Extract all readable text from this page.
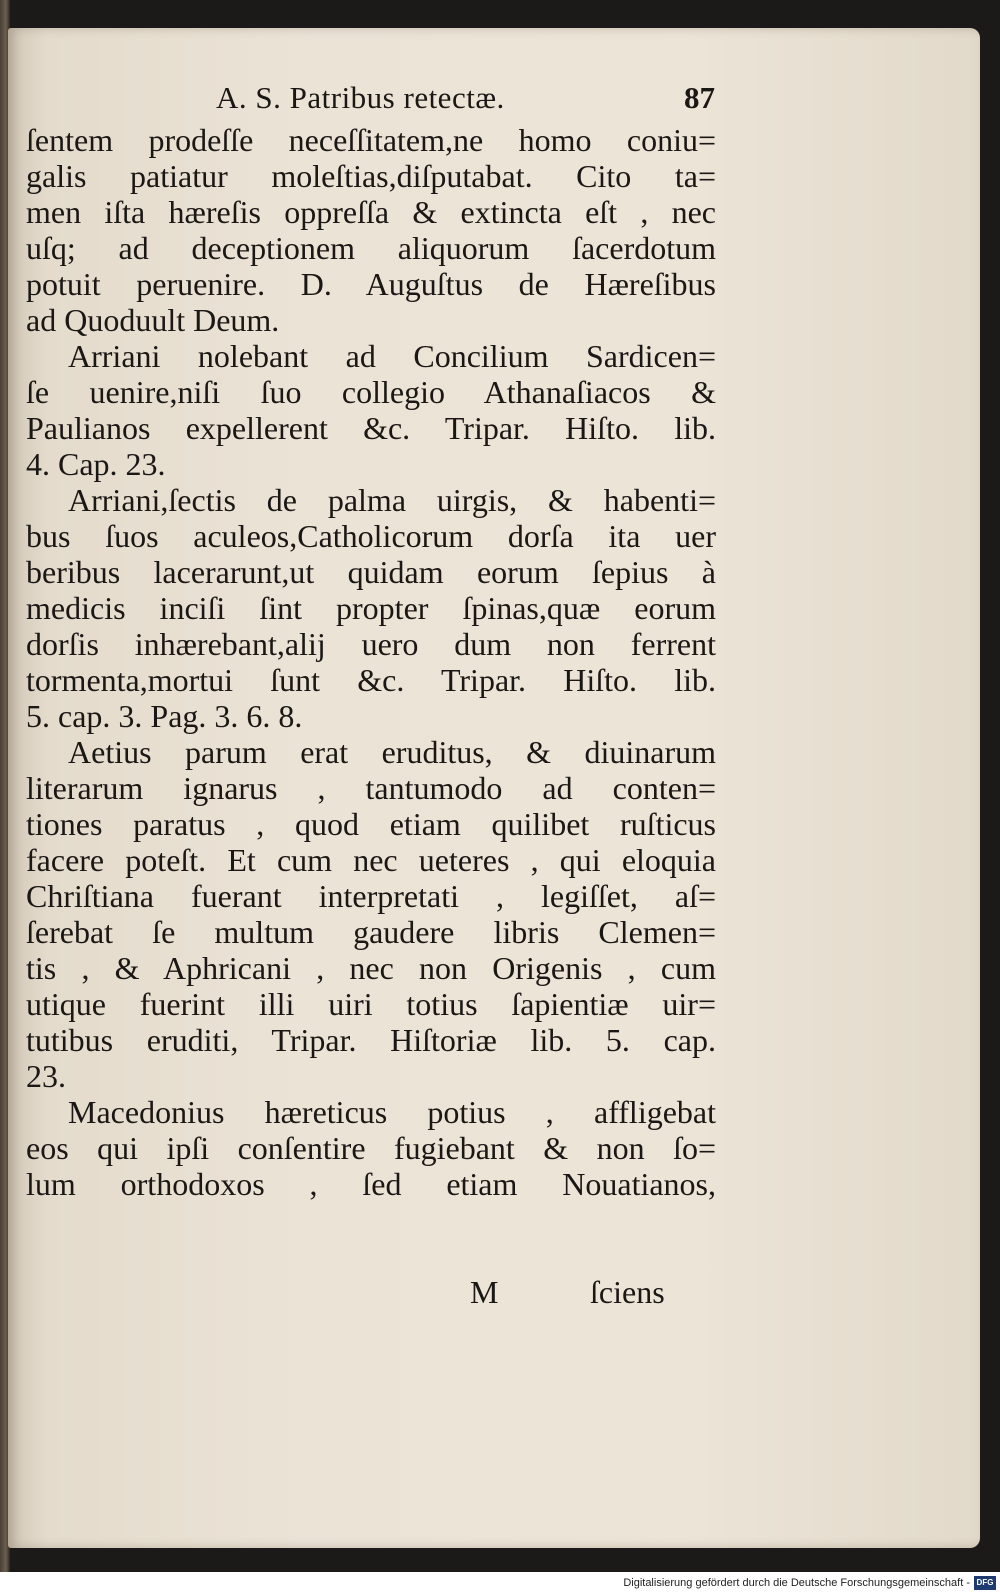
A. S. Patribus retectæ.	87
ſentem prodeſſe neceſſitatem,ne homo coniu=
galis patiatur moleſtias,diſputabat. Cito ta=
men iſta hæreſis oppreſſa & extincta eſt , nec
uſq; ad deceptionem aliquorum ſacerdotum
potuit peruenire. D. Auguſtus de Hæreſibus
ad Quoduult Deum.
Arriani nolebant ad Concilium Sardicen=
ſe uenire,niſi ſuo collegio Athanaſiacos &
Paulianos expellerent &c. Tripar. Hiſto. lib.
4. Cap. 23.
Arriani,ſectis de palma uirgis, & habenti=
bus ſuos aculeos,Catholicorum dorſa ita uer
beribus lacerarunt,ut quidam eorum ſepius à
medicis inciſi ſint propter ſpinas,quæ eorum
dorſis inhærebant,alij uero dum non ferrent
tormenta,mortui ſunt &c. Tripar. Hiſto. lib.
5. cap. 3. Pag. 3. 6. 8.
Aetius parum erat eruditus, & diuinarum
literarum ignarus , tantumodo ad conten=
tiones paratus , quod etiam quilibet ruſticus
facere poteſt. Et cum nec ueteres , qui eloquia
Chriſtiana fuerant interpretati , legiſſet, aſ=
ſerebat ſe multum gaudere libris Clemen=
tis , & Aphricani , nec non Origenis , cum
utique fuerint illi uiri totius ſapientiæ uir=
tutibus eruditi, Tripar. Hiſtoriæ lib. 5. cap.
23.
Macedonius hæreticus potius , affligebat
eos qui ipſi conſentire fugiebant & non ſo=
lum orthodoxos , ſed etiam Nouatianos,
M	ſciens
Digitalisierung gefördert durch die Deutsche Forschungsgemeinschaft - DFG
